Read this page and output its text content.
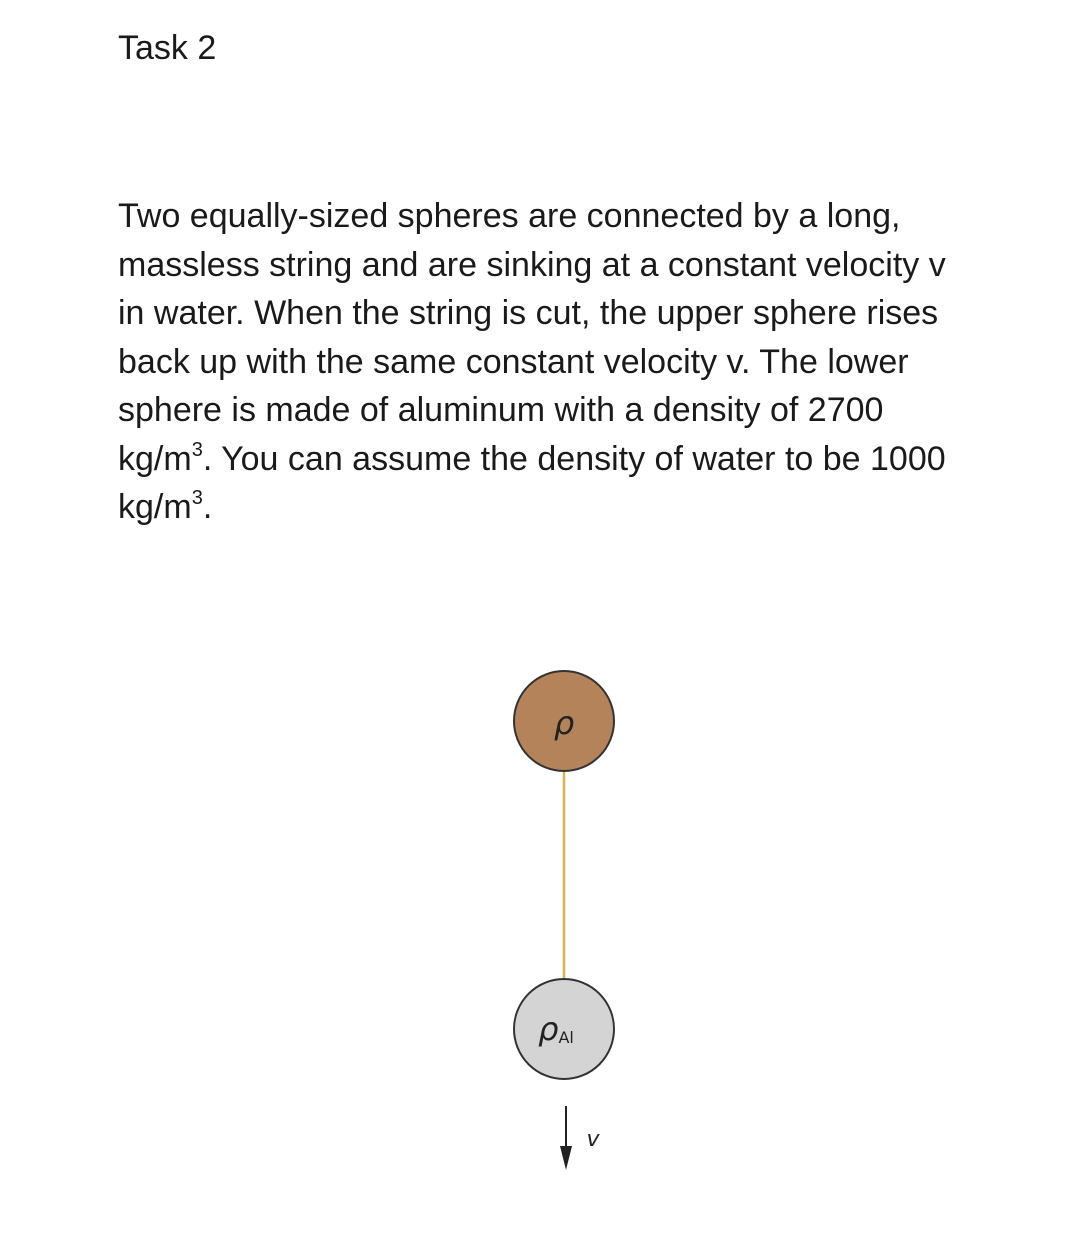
Task 2
Two equally-sized spheres are connected by a long,
massless string and are sinking at a constant velocity v
in water. When the string is cut, the upper sphere rises
back up with the same constant velocity v. The lower
sphere is made of aluminum with a density of 2700
$kg/m^3$. You can assume the density of water to be 1000
$kg/m^3$.
ρ
ρAl
v
